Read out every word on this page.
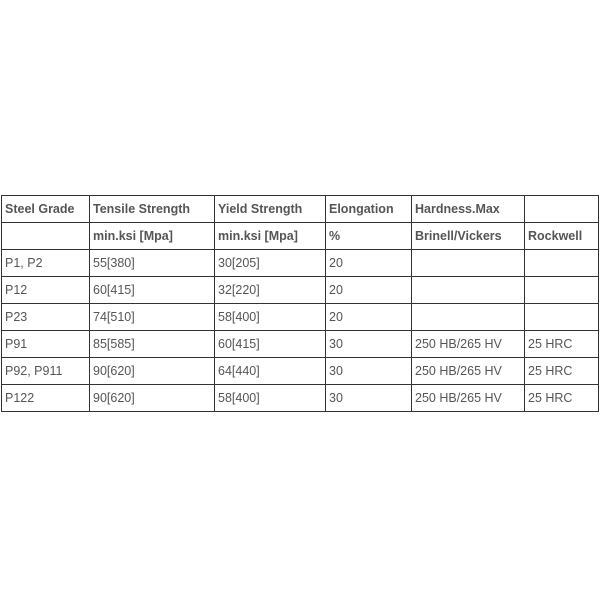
Steel Grade	Tensile Strength	Yield Strength	Elongation	Hardness.Max	
	min.ksi [Mpa]	min.ksi [Mpa]	%	Brinell/Vickers	Rockwell
P1, P2	55[380]	30[205]	20		
P12	60[415]	32[220]	20		
P23	74[510]	58[400]	20		
P91	85[585]	60[415]	30	250 HB/265 HV	25 HRC
P92, P911	90[620]	64[440]	30	250 HB/265 HV	25 HRC
P122	90[620]	58[400]	30	250 HB/265 HV	25 HRC
